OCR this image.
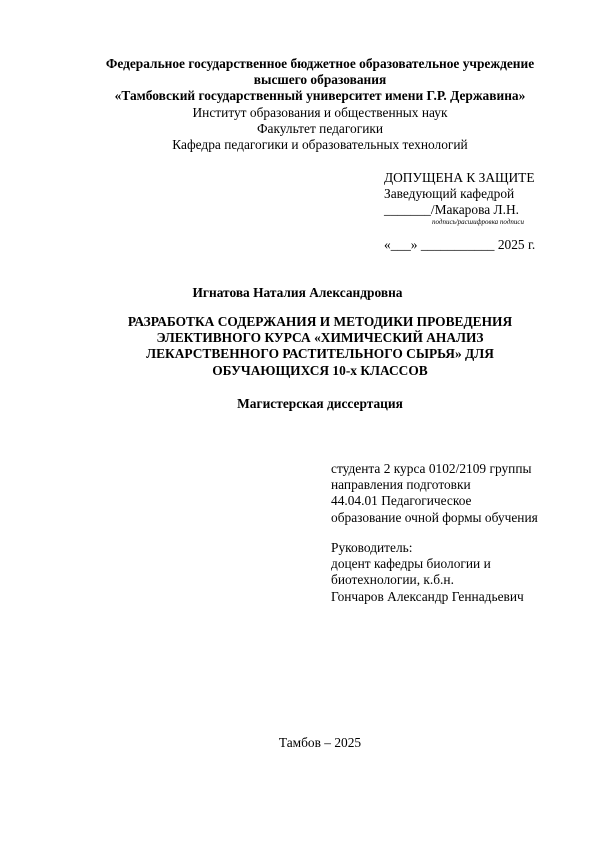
Федеральное государственное бюджетное образовательное учреждение
высшего образования
«Тамбовский государственный университет имени Г.Р. Державина»
Институт образования и общественных наук
Факультет педагогики
Кафедра педагогики и образовательных технологий
ДОПУЩЕНА К ЗАЩИТЕ
Заведующий кафедрой
_______/Макарова Л.Н.
подпись/расшифровка подписи
«___» ___________ 2025 г.
Игнатова Наталия Александровна
РАЗРАБОТКА СОДЕРЖАНИЯ И МЕТОДИКИ ПРОВЕДЕНИЯ
ЭЛЕКТИВНОГО КУРСА «ХИМИЧЕСКИЙ АНАЛИЗ
ЛЕКАРСТВЕННОГО РАСТИТЕЛЬНОГО СЫРЬЯ» ДЛЯ
ОБУЧАЮЩИХСЯ 10-х КЛАССОВ
Магистерская диссертация
студента 2 курса 0102/2109 группы
направления подготовки
44.04.01 Педагогическое
образование очной формы обучения
Руководитель:
доцент кафедры биологии и
биотехнологии, к.б.н.
Гончаров Александр Геннадьевич
Тамбов – 2025
